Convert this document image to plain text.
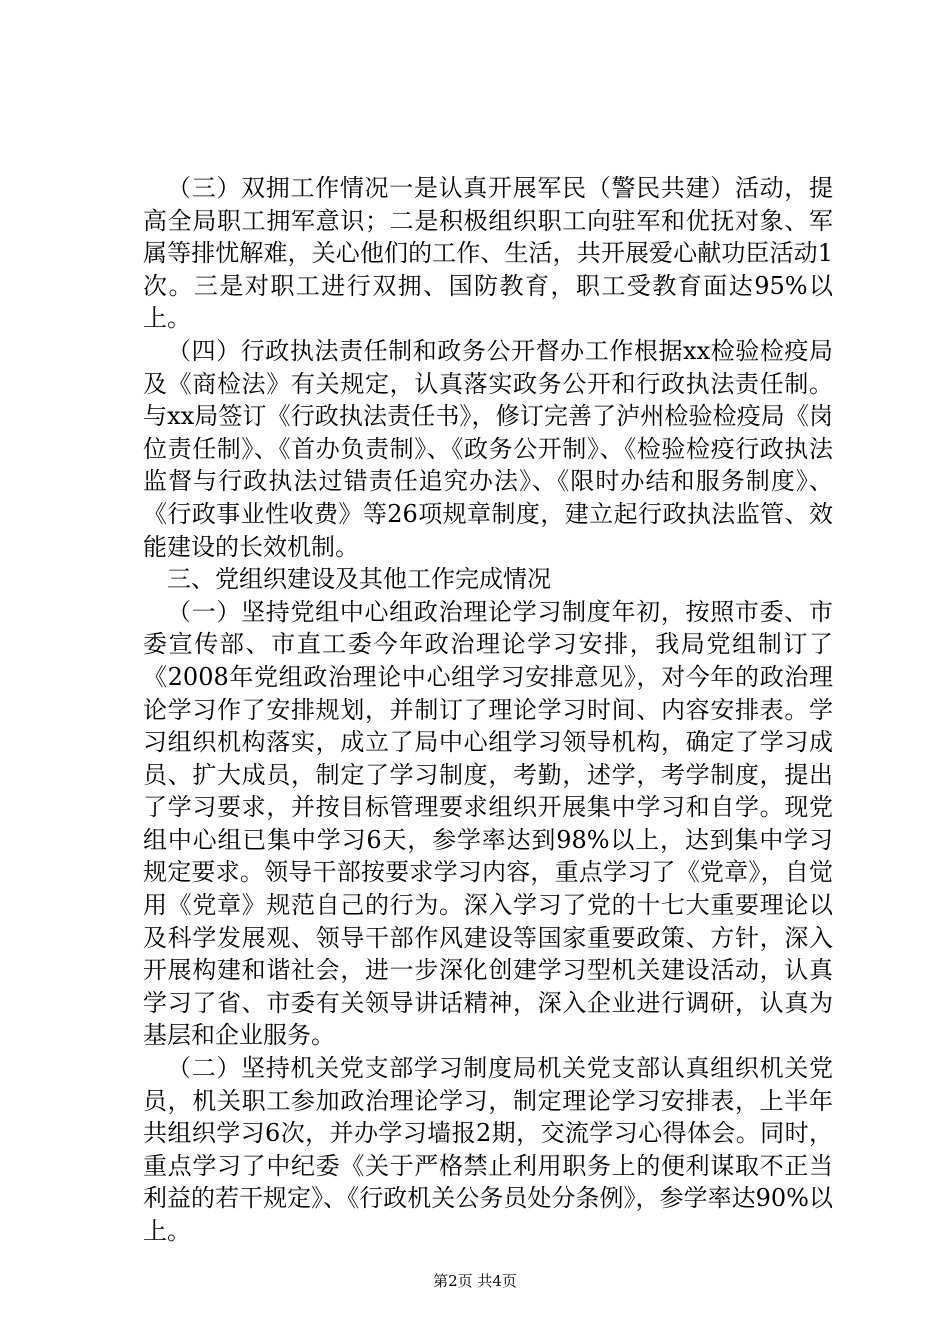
（三）双拥工作情况一是认真开展军民（警民共建）活动，提高全局职工拥军意识；二是积极组织职工向驻军和优抚对象、军属等排忧解难，关心他们的工作、生活，共开展爱心献功臣活动1次。三是对职工进行双拥、国防教育，职工受教育面达95%以上。

（四）行政执法责任制和政务公开督办工作根据xx检验检疫局及《商检法》有关规定，认真落实政务公开和行政执法责任制。与xx局签订《行政执法责任书》，修订完善了泸州检验检疫局《岗位责任制》、《首办负责制》、《政务公开制》、《检验检疫行政执法监督与行政执法过错责任追究办法》、《限时办结和服务制度》、《行政事业性收费》等26项规章制度，建立起行政执法监管、效能建设的长效机制。

三、党组织建设及其他工作完成情况

（一）坚持党组中心组政治理论学习制度年初，按照市委、市委宣传部、市直工委今年政治理论学习安排，我局党组制订了《2008年党组政治理论中心组学习安排意见》，对今年的政治理论学习作了安排规划，并制订了理论学习时间、内容安排表。学习组织机构落实，成立了局中心组学习领导机构，确定了学习成员、扩大成员，制定了学习制度，考勤，述学，考学制度，提出了学习要求，并按目标管理要求组织开展集中学习和自学。现党组中心组已集中学习6天，参学率达到98%以上，达到集中学习规定要求。领导干部按要求学习内容，重点学习了《党章》，自觉用《党章》规范自己的行为。深入学习了党的十七大重要理论以及科学发展观、领导干部作风建设等国家重要政策、方针，深入开展构建和谐社会，进一步深化创建学习型机关建设活动，认真学习了省、市委有关领导讲话精神，深入企业进行调研，认真为基层和企业服务。

（二）坚持机关党支部学习制度局机关党支部认真组织机关党员，机关职工参加政治理论学习，制定理论学习安排表，上半年共组织学习6次，并办学习墙报2期，交流学习心得体会。同时，重点学习了中纪委《关于严格禁止利用职务上的便利谋取不正当利益的若干规定》、《行政机关公务员处分条例》，参学率达90%以上。

第2页 共4页
